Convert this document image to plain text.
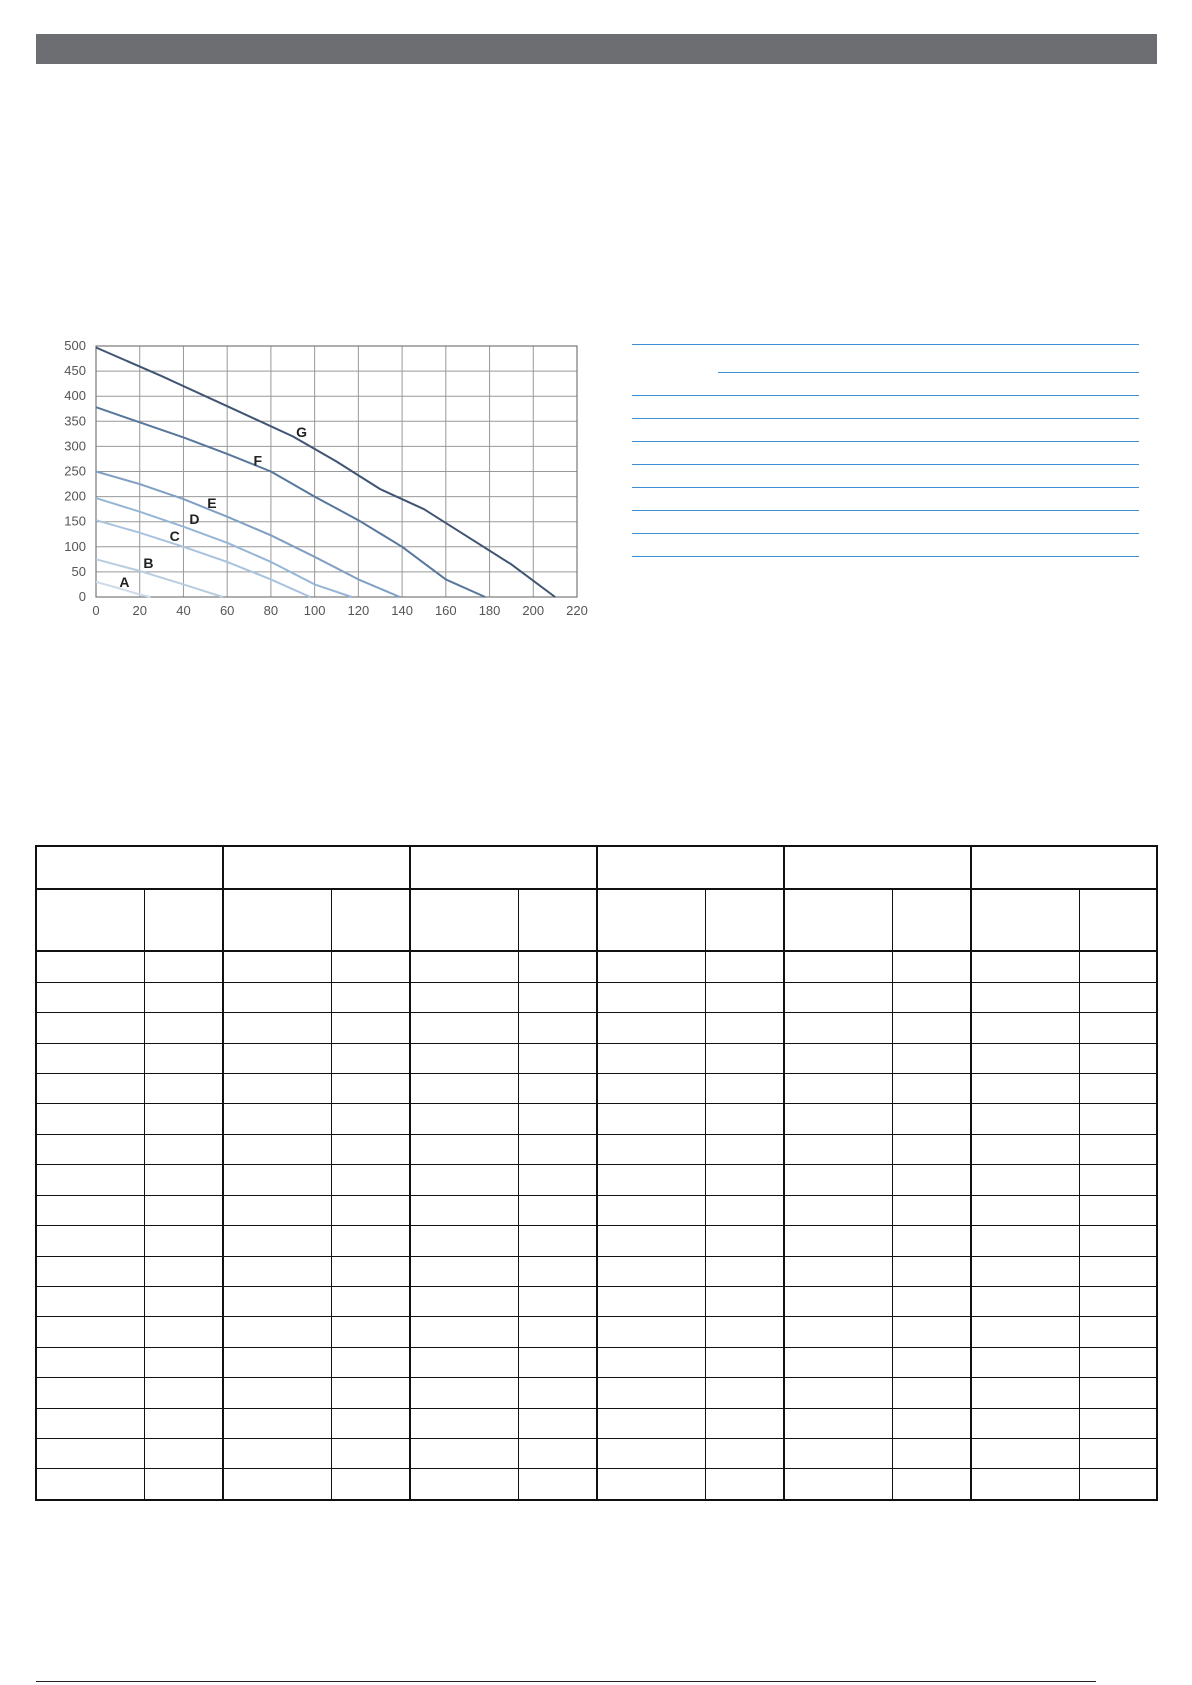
0	20 40 60 80 100 120 140 160 180 200 220
0
50
100
150
200
250
300
350
400
450
500
A
B
C
D
E
F
G
